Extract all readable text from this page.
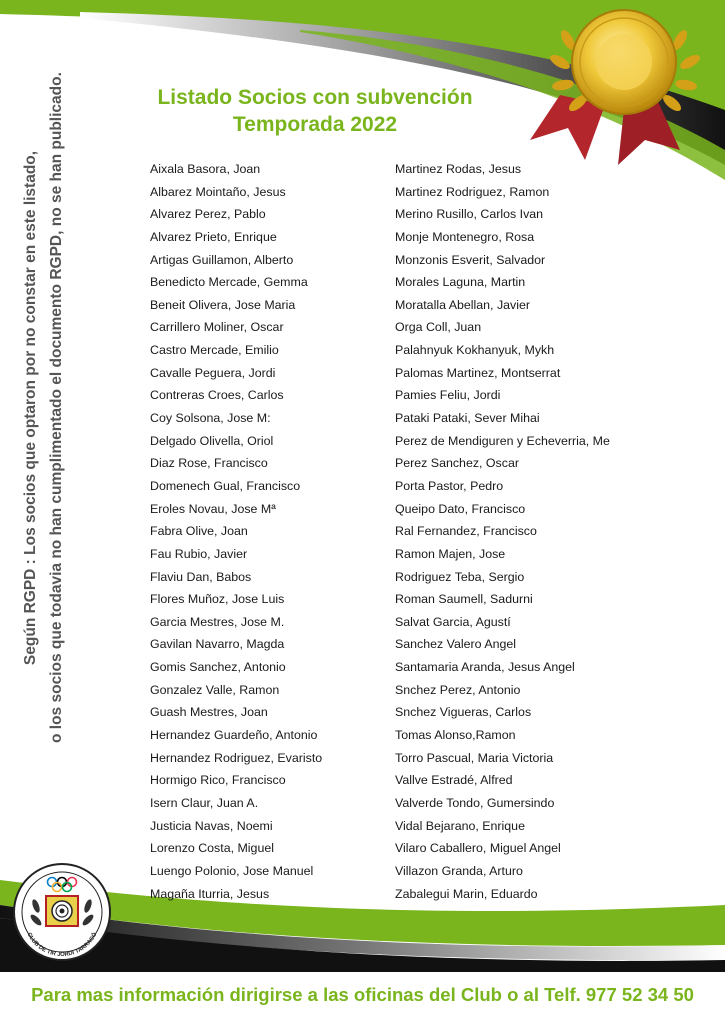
CLUB DE TIR JORDI TARRAGÓ
Listado Socios con subvención
Temporada 2022
Según RGPD : Los socios que optaron por no constar en este listado, o los socios que todavia no han cumplimentado el documento RGPD, no se han publicado.	Aixala Basora, Joan
Albarez Mointaño, Jesus
Alvarez Perez, Pablo
Alvarez Prieto, Enrique
Artigas Guillamon, Alberto
Benedicto Mercade, Gemma
Beneit Olivera, Jose Maria
Carrillero Moliner, Oscar
Castro Mercade, Emilio
Cavalle Peguera, Jordi
Contreras Croes, Carlos
Coy Solsona, Jose M:
Delgado Olivella, Oriol
Diaz Rose, Francisco
Domenech Gual, Francisco
Eroles Novau, Jose Mª
Fabra Olive, Joan
Fau Rubio, Javier
Flaviu Dan, Babos
Flores Muñoz, Jose Luis
Garcia Mestres, Jose M.
Gavilan Navarro, Magda
Gomis Sanchez, Antonio
Gonzalez Valle, Ramon
Guash Mestres, Joan
Hernandez Guardeño, Antonio
Hernandez Rodriguez, Evaristo
Hormigo Rico, Francisco
Isern Claur, Juan A.
Justicia Navas, Noemi
Lorenzo Costa, Miguel
Luengo Polonio, Jose Manuel
Magaña Iturria, Jesus
Martinez Rodas, Jesus
Martinez Rodriguez, Ramon
Merino Rusillo, Carlos Ivan
Monje Montenegro, Rosa
Monzonis Esverit, Salvador
Morales Laguna, Martin
Moratalla Abellan, Javier
Orga Coll, Juan
Palahnyuk Kokhanyuk, Mykh
Palomas Martinez, Montserrat
Pamies Feliu, Jordi
Pataki Pataki, Sever Mihai
Perez de Mendiguren y Echeverria, Me
Perez Sanchez, Oscar
Porta Pastor, Pedro
Queipo Dato, Francisco
Ral Fernandez, Francisco
Ramon Majen, Jose
Rodriguez Teba, Sergio
Roman Saumell, Sadurni
Salvat Garcia, Agustí
Sanchez Valero Angel
Santamaria Aranda, Jesus Angel
Snchez Perez, Antonio
Snchez Vigueras, Carlos
Tomas Alonso,Ramon
Torro Pascual, Maria Victoria
Vallve Estradé, Alfred
Valverde Tondo, Gumersindo
Vidal Bejarano, Enrique
Vilaro Caballero, Miguel Angel
Villazon Granda, Arturo
Zabalegui Marin, Eduardo
Para mas información dirigirse a las oficinas del Club o al Telf. 977 52 34 50
